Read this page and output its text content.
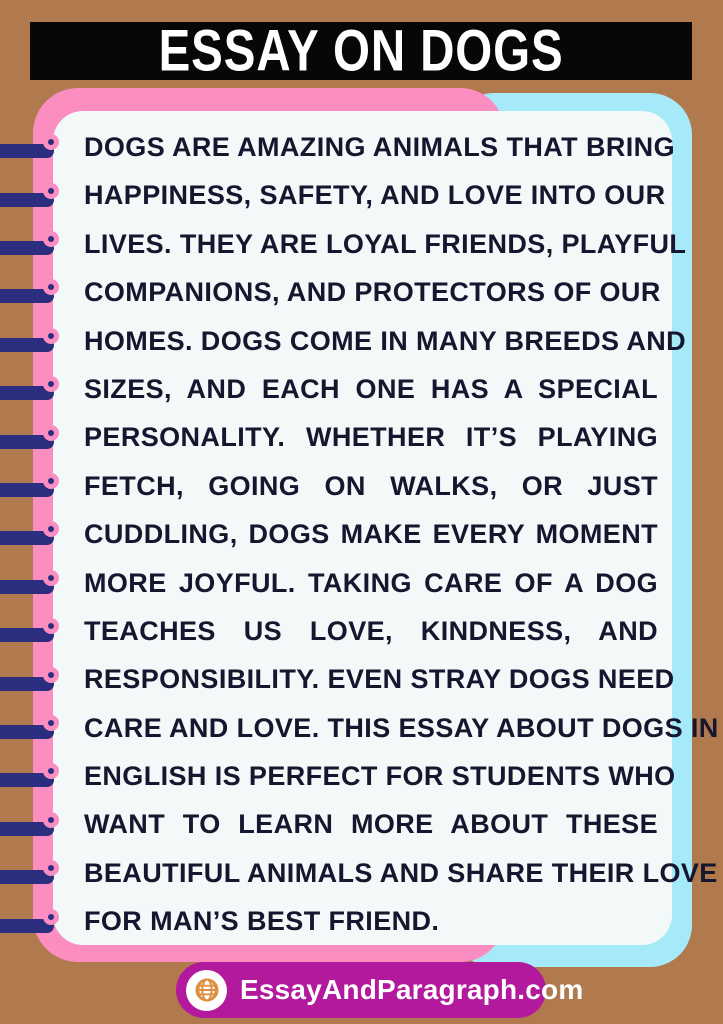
ESSAY ON DOGS
DOGS ARE AMAZING ANIMALS THAT BRING
HAPPINESS, SAFETY, AND LOVE INTO OUR
LIVES. THEY ARE LOYAL FRIENDS, PLAYFUL
COMPANIONS, AND PROTECTORS OF OUR
HOMES. DOGS COME IN MANY BREEDS AND
SIZES, AND EACH ONE HAS A SPECIAL
PERSONALITY. WHETHER IT’S PLAYING
FETCH, GOING ON WALKS, OR JUST
CUDDLING, DOGS MAKE EVERY MOMENT
MORE JOYFUL. TAKING CARE OF A DOG
TEACHES US LOVE, KINDNESS, AND
RESPONSIBILITY. EVEN STRAY DOGS NEED
CARE AND LOVE. THIS ESSAY ABOUT DOGS IN
ENGLISH IS PERFECT FOR STUDENTS WHO
WANT TO LEARN MORE ABOUT THESE
BEAUTIFUL ANIMALS AND SHARE THEIR LOVE
FOR MAN’S BEST FRIEND.
EssayAndParagraph.com
